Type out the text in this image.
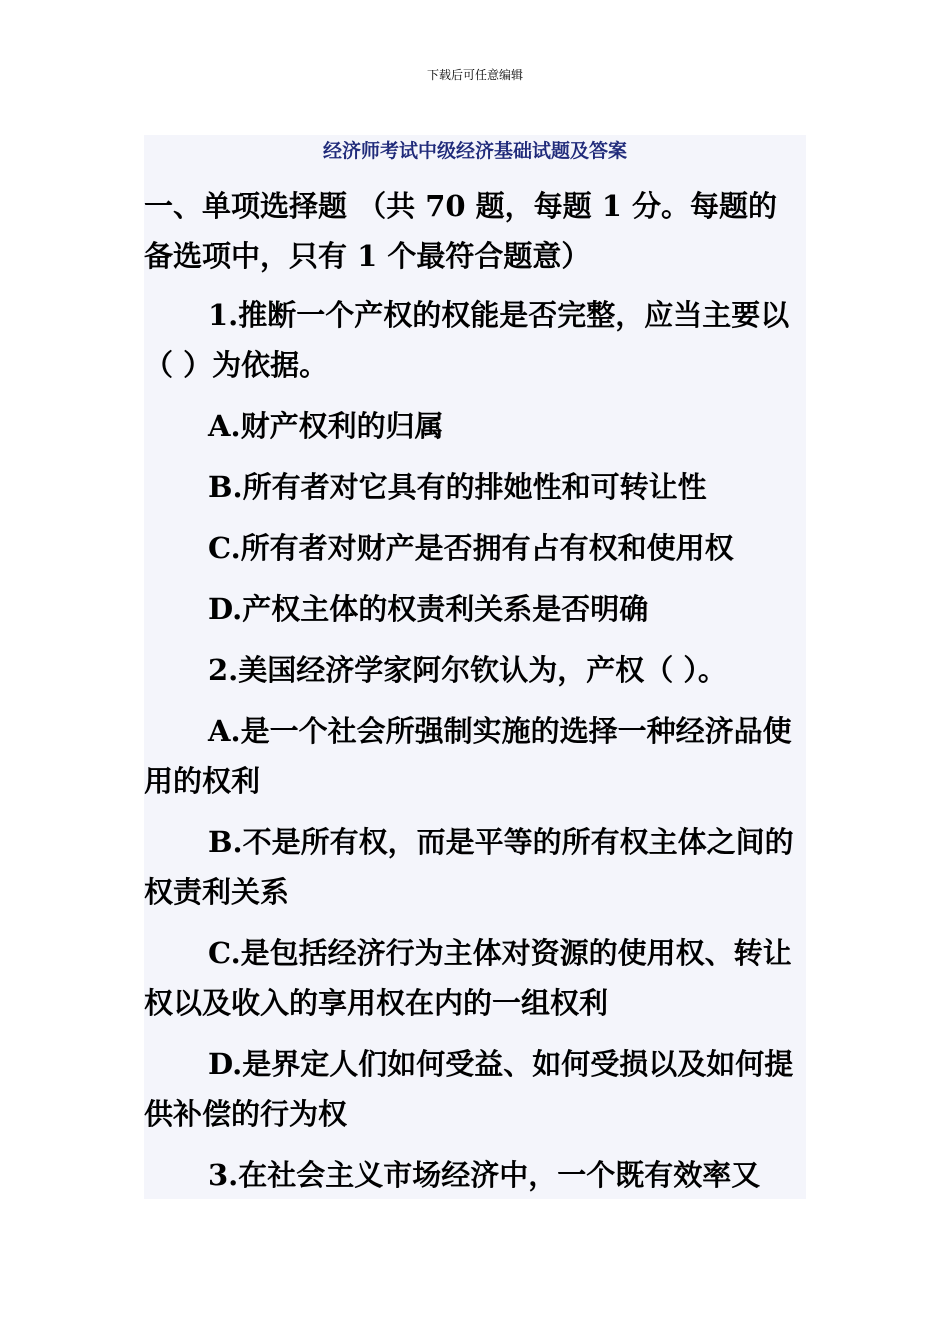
下载后可任意编辑
经济师考试中级经济基础试题及答案
一、单项选择题 （共 70 题，每题 1 分。每题的备选项中，只有 1 个最符合题意）

1.推断一个产权的权能是否完整，应当主要以（ ）为依据。

A.财产权利的归属

B.所有者对它具有的排她性和可转让性

C.所有者对财产是否拥有占有权和使用权

D.产权主体的权责利关系是否明确

2.美国经济学家阿尔钦认为，产权（ ）。

A.是一个社会所强制实施的选择一种经济品使用的权利

B.不是所有权，而是平等的所有权主体之间的权责利关系

C.是包括经济行为主体对资源的使用权、转让权以及收入的享用权在内的一组权利

D.是界定人们如何受益、如何受损以及如何提供补偿的行为权

3.在社会主义市场经济中，一个既有效率又
